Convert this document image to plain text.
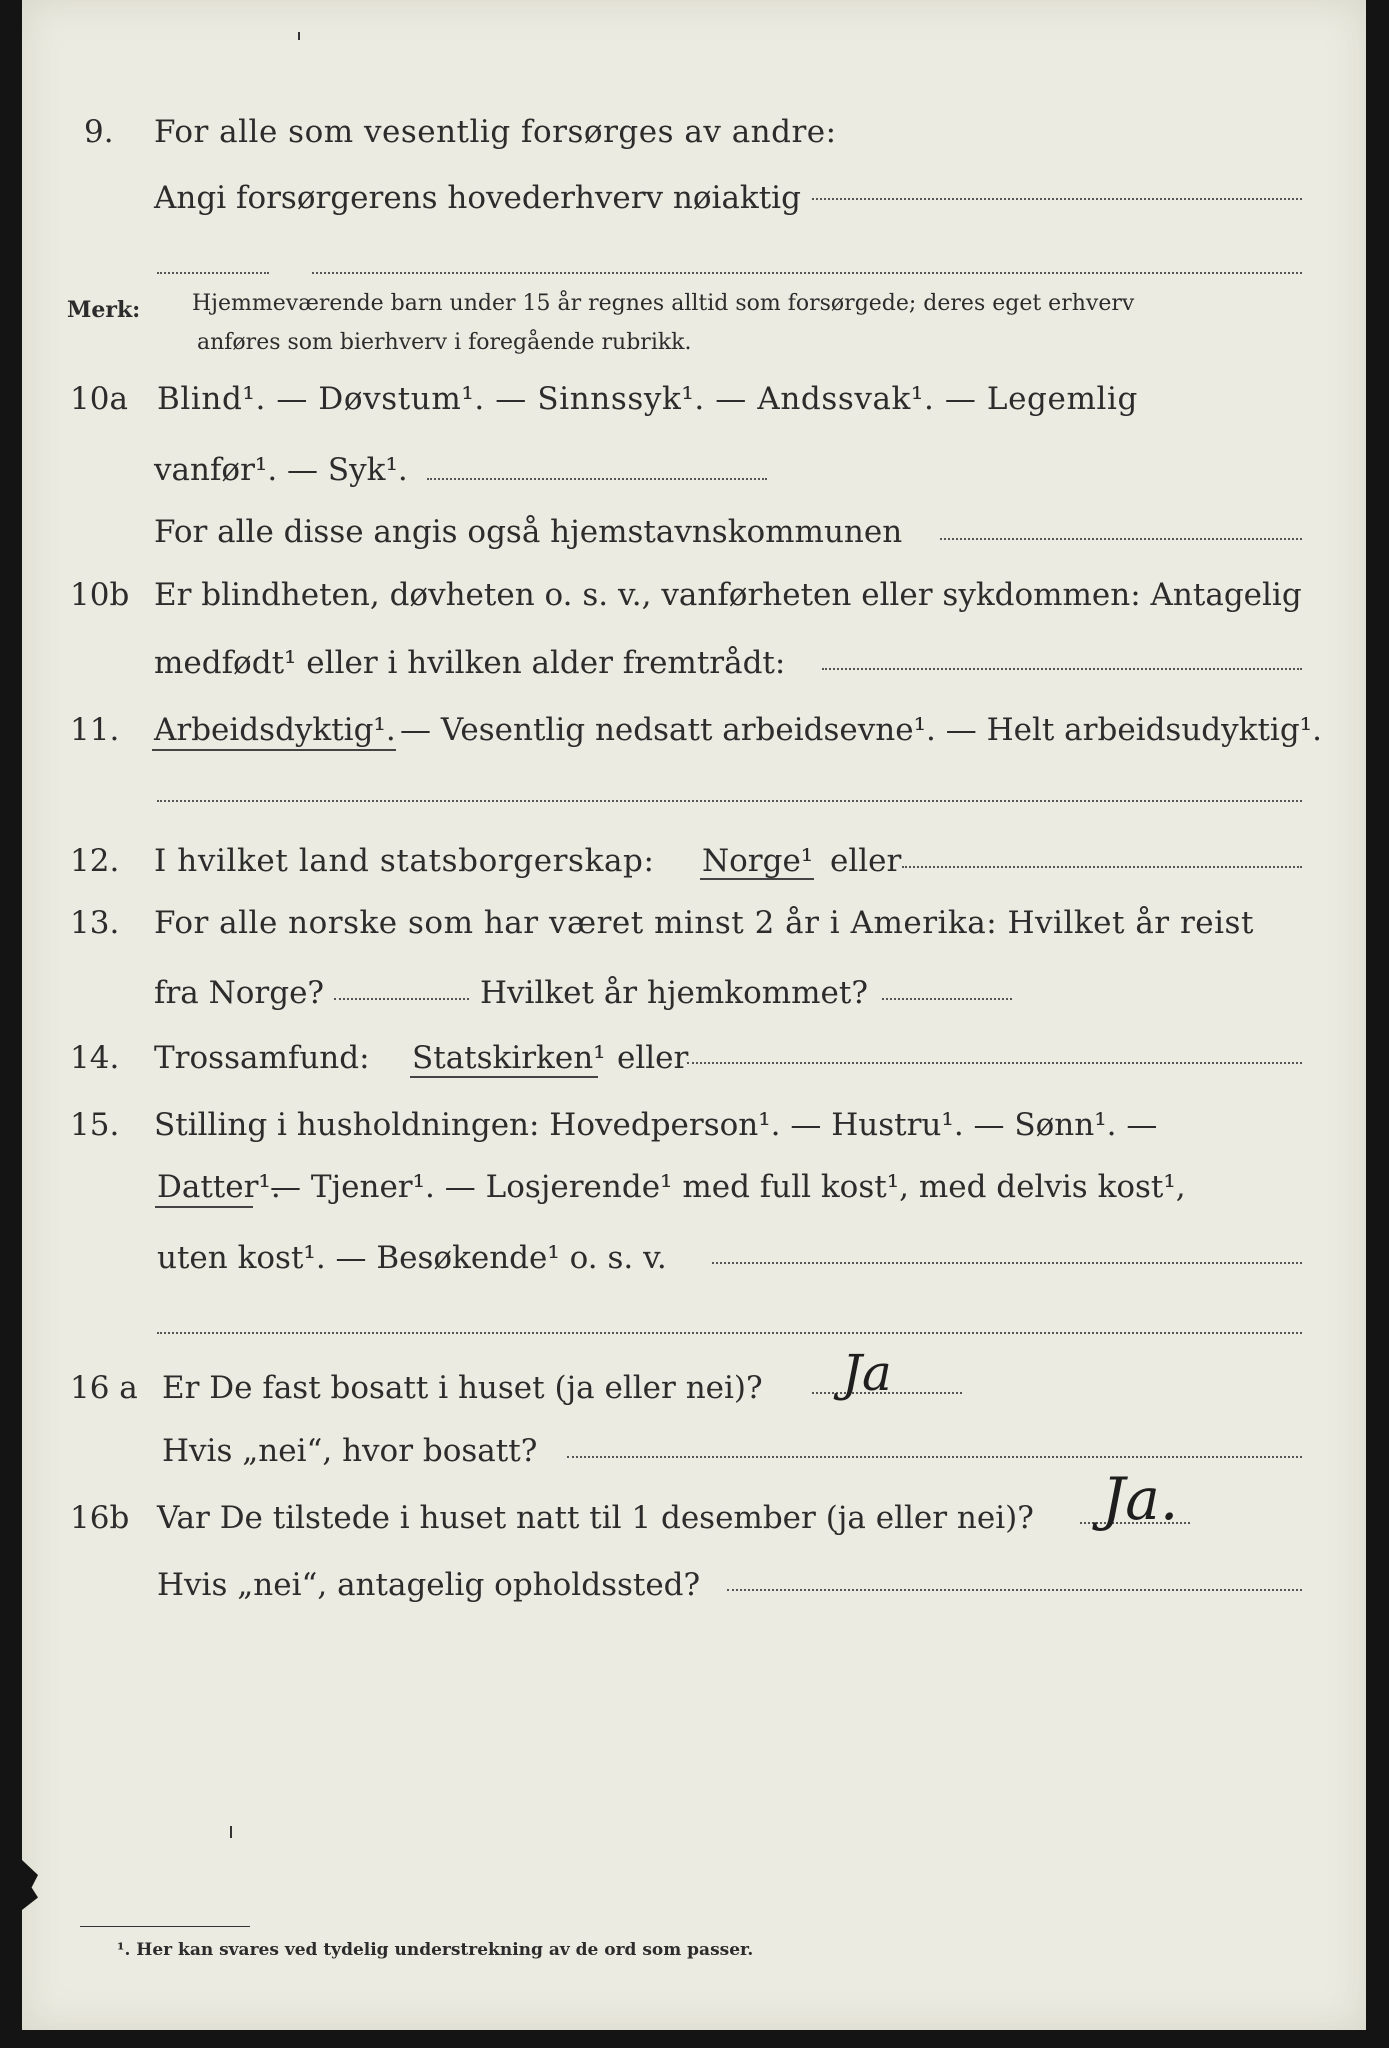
9. For alle som vesentlig forsørges av andre:
Angi forsørgerens hovederhverv nøiaktig
Merk: Hjemmeværende barn under 15 år regnes alltid som forsørgede; deres eget erhverv
anføres som bierhverv i foregående rubrikk.
10a Blind¹. — Døvstum¹. — Sinnssyk¹. — Andssvak¹. — Legemlig
vanfør¹. — Syk¹.
For alle disse angis også hjemstavnskommunen
10b Er blindheten, døvheten o. s. v., vanførheten eller sykdommen: Antagelig
medfødt¹ eller i hvilken alder fremtrådt:
11. Arbeidsdyktig¹. — Vesentlig nedsatt arbeidsevne¹. — Helt arbeidsudyktig¹.
12. I hvilket land statsborgerskap: Norge¹ eller
13. For alle norske som har været minst 2 år i Amerika: Hvilket år reist
fra Norge?	Hvilket år hjemkommet?
14. Trossamfund: Statskirken¹ eller
15. Stilling i husholdningen: Hovedperson¹. — Hustru¹. — Sønn¹. —
Datter¹.
— Tjener¹. — Losjerende¹ med full kost¹, med delvis kost¹,
uten kost¹. — Besøkende¹ o. s. v.
16 a Er De fast bosatt i huset (ja eller nei)? Ja
Hvis „nei“, hvor bosatt?
16b Var De tilstede i huset natt til 1 desember (ja eller nei)? Ja.
Hvis „nei“, antagelig opholdssted?
¹. Her kan svares ved tydelig understrekning av de ord som passer.
